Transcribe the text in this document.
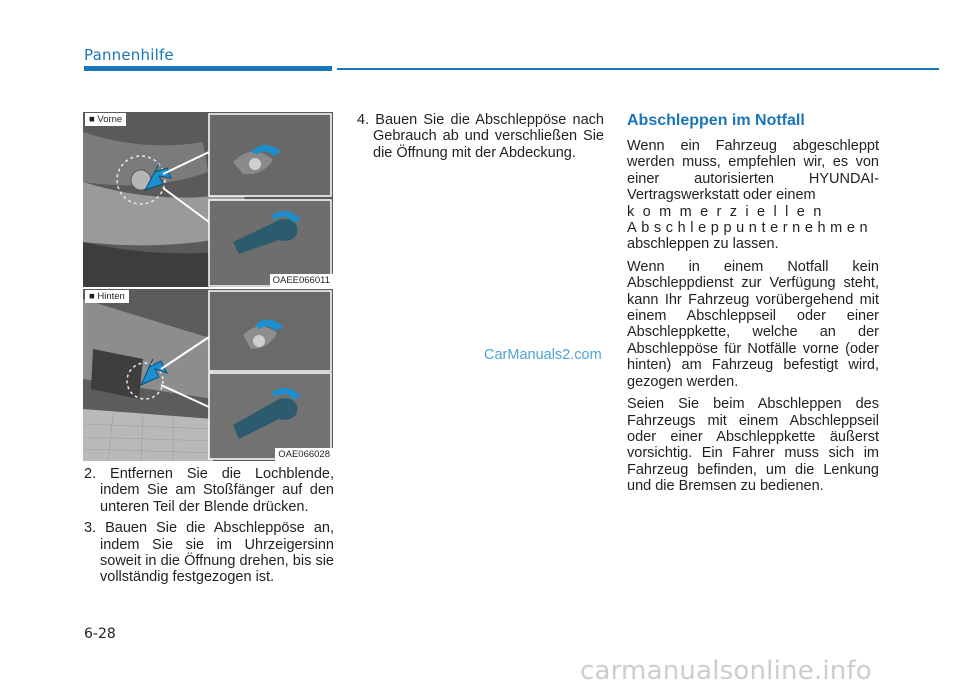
Pannenhilfe
■ Vorne
OAEE066011
■ Hinten
OAE066028

2. Entfernen Sie die Lochblende, indem Sie am Stoßfänger auf den unteren Teil der Blende drücken.

3. Bauen Sie die Abschleppöse an, indem Sie sie im Uhrzeigersinn soweit in die Öffnung drehen, bis sie vollständig festgezogen ist.

4. Bauen Sie die Abschleppöse nach Gebrauch ab und verschließen Sie die Öffnung mit der Abdeckung.

Abschleppen im Notfall

Wenn ein Fahrzeug abgeschleppt werden muss, empfehlen wir, es von einer autorisierten HYUNDAI-Vertragswerkstatt oder einem
kommerziellen
Abschleppunternehmen
abschleppen zu lassen.

Wenn in einem Notfall kein Abschleppdienst zur Verfügung steht, kann Ihr Fahrzeug vorübergehend mit einem Abschleppseil oder einer Abschleppkette, welche an der Abschleppöse für Notfälle vorne (oder hinten) am Fahrzeug befestigt wird, gezogen werden.

Seien Sie beim Abschleppen des Fahrzeugs mit einem Abschleppseil oder einer Abschleppkette äußerst vorsichtig. Ein Fahrer muss sich im Fahrzeug befinden, um die Lenkung und die Bremsen zu bedienen.

CarManuals2.com
6-28
carmanualsonline.info
